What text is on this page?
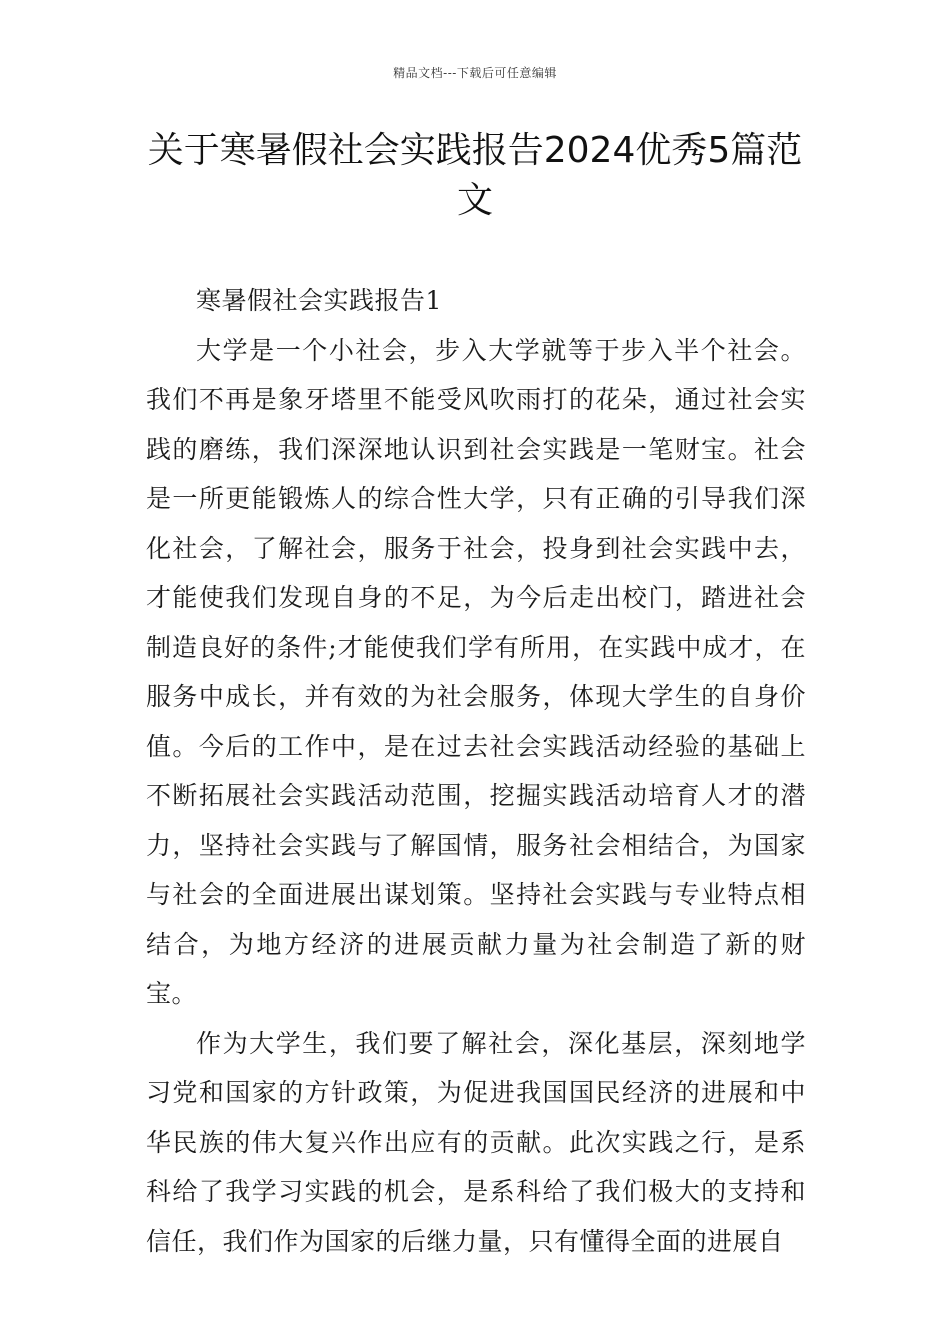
精品文档---下载后可任意编辑
关于寒暑假社会实践报告2024优秀5篇范文

寒暑假社会实践报告1

大学是一个小社会，步入大学就等于步入半个社会。我们不再是象牙塔里不能受风吹雨打的花朵，通过社会实践的磨练，我们深深地认识到社会实践是一笔财宝。社会是一所更能锻炼人的综合性大学，只有正确的引导我们深化社会，了解社会，服务于社会，投身到社会实践中去，才能使我们发现自身的不足，为今后走出校门，踏进社会制造良好的条件;才能使我们学有所用，在实践中成才，在服务中成长，并有效的为社会服务，体现大学生的自身价值。今后的工作中，是在过去社会实践活动经验的基础上不断拓展社会实践活动范围，挖掘实践活动培育人才的潜力，坚持社会实践与了解国情，服务社会相结合，为国家与社会的全面进展出谋划策。坚持社会实践与专业特点相结合，为地方经济的进展贡献力量为社会制造了新的财宝。

作为大学生，我们要了解社会，深化基层，深刻地学习党和国家的方针政策，为促进我国国民经济的进展和中华民族的伟大复兴作出应有的贡献。此次实践之行，是系科给了我学习实践的机会，是系科给了我们极大的支持和信任，我们作为国家的后继力量，只有懂得全面的进展自
